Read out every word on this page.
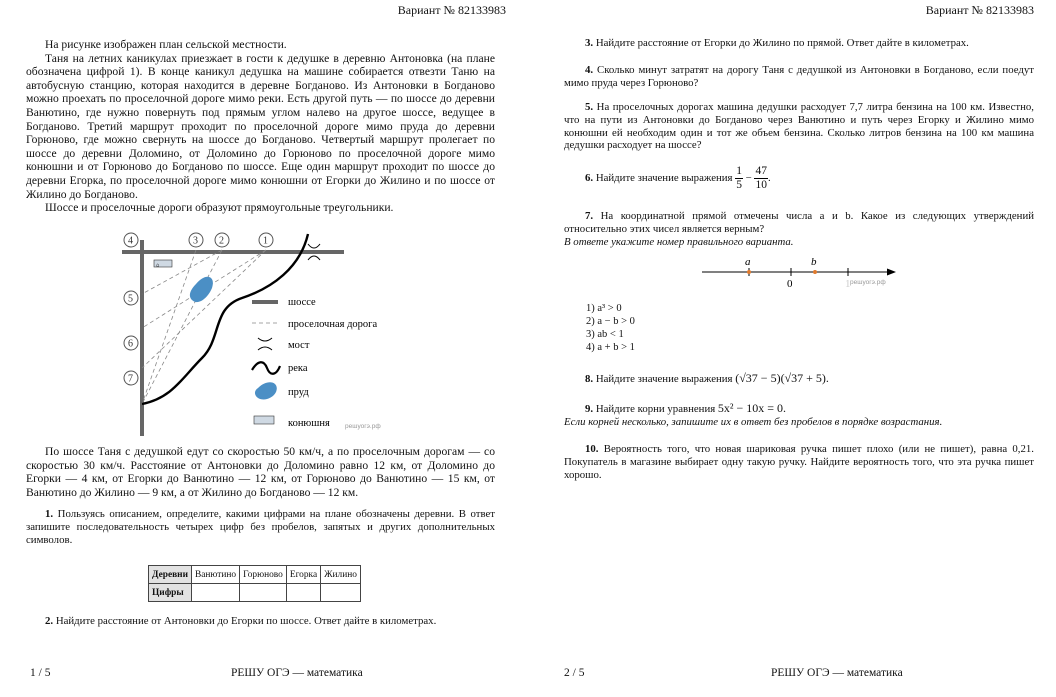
Вариант № 82133983

На рисунке изображен план сельской местности.

Таня на летних каникулах приезжает в гости к дедушке в деревню Антоновка (на плане обозначена цифрой 1). В конце каникул дедушка на машине собирается отвезти Таню на автобусную станцию, которая находится в деревне Богданово. Из Антоновки в Богданово можно проехать по проселочной дороге мимо реки. Есть другой путь — по шоссе до деревни Ванютино, где нужно повернуть под прямым углом налево на другое шоссе, ведущее в Богданово. Третий маршрут проходит по проселочной дороге мимо пруда до деревни Горюново, где можно свернуть на шоссе до Богданово. Четвертый маршрут пролегает по шоссе до деревни Доломино, от Доломино до Горюново по проселочной дороге мимо конюшни и от Горюново до Богданово по шоссе. Еще один маршрут проходит по шоссе до деревни Егорка, по проселочной дороге мимо конюшни от Егорки до Жилино и по шоссе от Жилино до Богданово.

Шоссе и проселочные дороги образуют прямоугольные треугольники.

⌂
1
2
3
4
5
6
7
шоссе
проселочная дорога
мост
река
пруд
конюшня решуогэ.рф

По шоссе Таня с дедушкой едут со скоростью 50 км/ч, а по проселочным дорогам — со скоростью 30 км/ч. Расстояние от Антоновки до Доломино равно 12 км, от Доломино до Егорки — 4 км, от Егорки до Ванютино — 12 км, от Горюново до Ванютино — 15 км, от Ванютино до Жилино — 9 км, а от Жилино до Богданово — 12 км.

1. Пользуясь описанием, определите, какими цифрами на плане обозначены деревни. В ответ запишите последовательность четырех цифр без пробелов, запятых и других дополнительных символов.
Деревни	Ванютино	Горюново	Егорка	Жилино
Цифры				
2. Найдите расстояние от Антоновки до Егорки по шоссе. Ответ дайте в километрах.
1 / 5	РЕШУ ОГЭ — математика
Вариант № 82133983
3. Найдите расстояние от Егорки до Жилино по прямой. Ответ дайте в километрах.
4. Сколько минут затратят на дорогу Таня с дедушкой из Антоновки в Богданово, если поедут мимо пруда через Горюново?
5. На проселочных дорогах машина дедушки расходует 7,7 литра бензина на 100 км. Известно, что на пути из Антоновки до Богданово через Ванютино и путь через Егорку и Жилино мимо конюшни ей необходим один и тот же объем бензина. Сколько литров бензина на 100 км машина дедушки расходует на шоссе?
6. Найдите значение выражения $\frac{1}{5} - \frac{47}{10}$ .
7. На координатной прямой отмечены числа a и b. Какое из следующих утверждений относительно этих чисел является верным?
В ответе укажите номер правильного варианта.
a	b
0	1 решуогэ.рф
1) a³ > 0
2) a − b > 0
3) ab < 1
4) a + b > 1
8. Найдите значение выражения (√37 − 5)(√37 + 5).
9. Найдите корни уравнения 5x² − 10x = 0.
Если корней несколько, запишите их в ответ без пробелов в порядке возрастания.
10. Вероятность того, что новая шариковая ручка пишет плохо (или не пишет), равна 0,21. Покупатель в магазине выбирает одну такую ручку. Найдите вероятность того, что эта ручка пишет хорошо.
2 / 5	РЕШУ ОГЭ — математика
